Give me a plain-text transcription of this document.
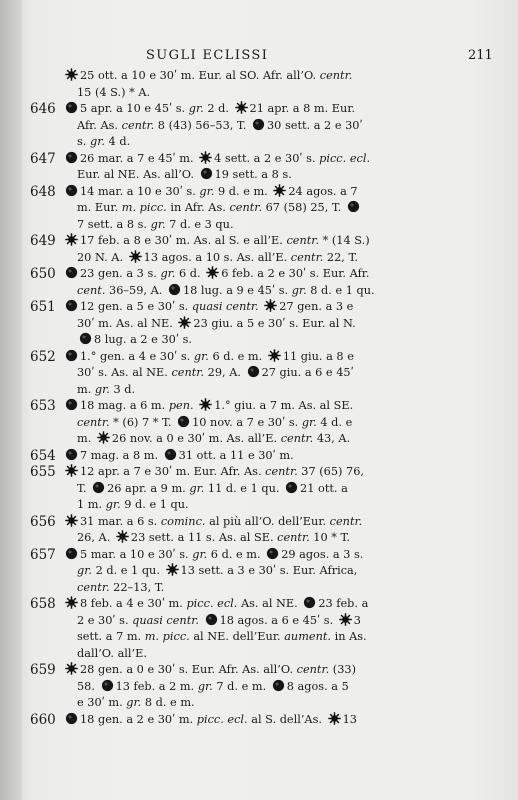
SUGLI ECLISSI	211
25 ott. a 10 e 30ʹ m. Eur. al SO. Afr. all’O. centr.
15 (4 S.) * A.
646	5 apr. a 10 e 45ʹ s. gr. 2 d.
21 apr. a 8 m. Eur.
Afr. As. centr. 8 (43) 56–53, T.
30 sett. a 2 e 30ʹ
s. gr. 4 d.
647	26 mar. a 7 e 45ʹ m.
4 sett. a 2 e 30ʹ s. picc. ecl.
Eur. al NE. As. all’O.
19 sett. a 8 s.
648	14 mar. a 10 e 30ʹ s. gr. 9 d. e m.
24 agos. a 7
m. Eur. m. picc. in Afr. As. centr. 67 (58) 25, T.
7 sett. a 8 s. gr. 7 d. e 3 qu.
649	17 feb. a 8 e 30ʹ m. As. al S. e all’E. centr. * (14 S.)
20 N. A.
13 agos. a 10 s. As. all’E. centr. 22, T.
650	23 gen. a 3 s. gr. 6 d.
6 feb. a 2 e 30ʹ s. Eur. Afr.
cent. 36–59, A.
18 lug. a 9 e 45ʹ s. gr. 8 d. e 1 qu.
651	12 gen. a 5 e 30ʹ s. quasi centr. 27 gen. a 3 e
30ʹ m. As. al NE.
23 giu. a 5 e 30ʹ s. Eur. al N.
8 lug. a 2 e 30ʹ s.
652	1.° gen. a 4 e 30ʹ s. gr. 6 d. e m.
11 giu. a 8 e
30ʹ s. As. al NE. centr. 29, A.
27 giu. a 6 e 45ʹ
m. gr. 3 d.
653	18 mag. a 6 m. pen. 1.° giu. a 7 m. As. al SE.
centr. * (6) 7 * T.
10 nov. a 7 e 30ʹ s. gr. 4 d. e
m.
26 nov. a 0 e 30ʹ m. As. all’E. centr. 43, A.
654	7 mag. a 8 m.
31 ott. a 11 e 30ʹ m.
655	12 apr. a 7 e 30ʹ m. Eur. Afr. As. centr. 37 (65) 76,
T.
26 apr. a 9 m. gr. 11 d. e 1 qu.
21 ott. a
1 m. gr. 9 d. e 1 qu.
656	31 mar. a 6 s. cominc. al più all’O. dell’Eur. centr.
26, A.
23 sett. a 11 s. As. al SE. centr. 10 * T.
657	5 mar. a 10 e 30ʹ s. gr. 6 d. e m.
29 agos. a 3 s.
gr. 2 d. e 1 qu.
13 sett. a 3 e 30ʹ s. Eur. Africa,
centr. 22–13, T.
658	8 feb. a 4 e 30ʹ m. picc. ecl. As. al NE.
23 feb. a
2 e 30ʹ s. quasi centr. 18 agos. a 6 e 45ʹ s.
3
sett. a 7 m. m. picc. al NE. dell’Eur. aument. in As.
dall’O. all’E.
659	28 gen. a 0 e 30ʹ s. Eur. Afr. As. all’O. centr. (33)
58.
13 feb. a 2 m. gr. 7 d. e m.
8 agos. a 5
e 30ʹ m. gr. 8 d. e m.
660	18 gen. a 2 e 30ʹ m. picc. ecl. al S. dell’As.
13
